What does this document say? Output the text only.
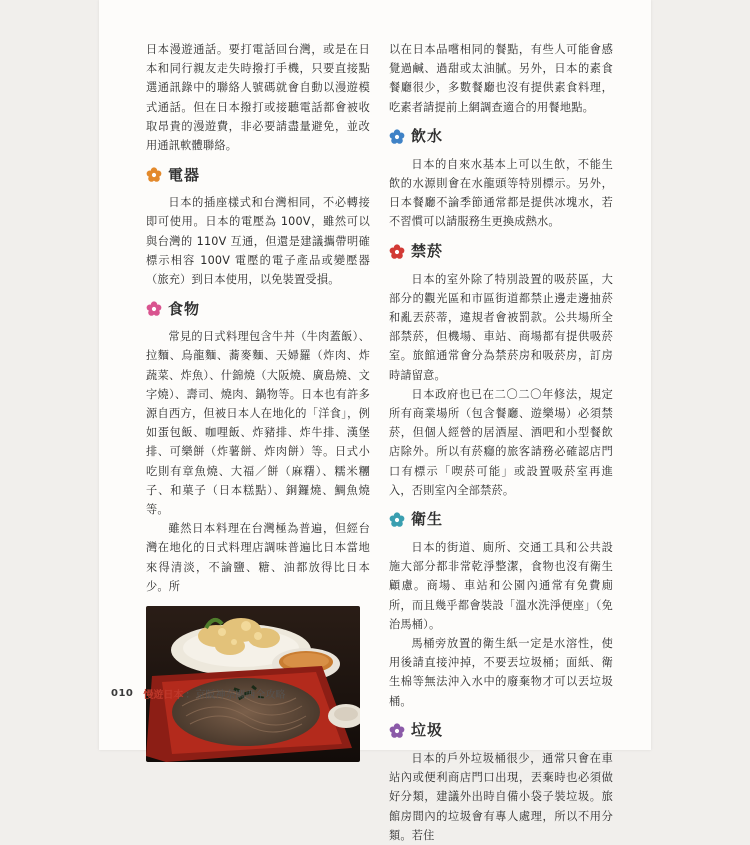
日本漫遊通話。要打電話回台灣，或是在日本和同行親友走失時撥打手機，只要直接點選通訊錄中的聯絡人號碼就會自動以漫遊模式通話。但在日本撥打或接聽電話都會被收取昂貴的漫遊費，非必要請盡量避免，並改用通訊軟體聯絡。

電器

日本的插座樣式和台灣相同，不必轉接即可使用。日本的電壓為 100V，雖然可以與台灣的 110V 互通，但還是建議攜帶明確標示相容 100V 電壓的電子產品或變壓器（旅充）到日本使用，以免裝置受損。

食物

常見的日式料理包含牛丼（牛肉蓋飯）、拉麵、烏龍麵、蕎麥麵、天婦羅（炸肉、炸蔬菜、炸魚）、什錦燒（大阪燒、廣島燒、文字燒）、壽司、燒肉、鍋物等。日本也有許多源自西方，但被日本人在地化的「洋食」，例如蛋包飯、咖哩飯、炸豬排、炸牛排、漢堡排、可樂餅（炸薯餅、炸肉餅）等。日式小吃則有章魚燒、大福／餅（麻糬）、糯米糰子、和菓子（日本糕點）、銅鑼燒、鯛魚燒等。

雖然日本料理在台灣極為普遍，但經台灣在地化的日式料理店調味普遍比日本當地來得清淡，不論鹽、糖、油都放得比日本少。所

以在日本品嚐相同的餐點，有些人可能會感覺過鹹、過甜或太油膩。另外，日本的素食餐廳很少，多數餐廳也沒有提供素食料理，吃素者請提前上網調查適合的用餐地點。

飲水

日本的自來水基本上可以生飲，不能生飲的水源則會在水龍頭等特別標示。另外，日本餐廳不論季節通常都是提供冰塊水，若不習慣可以請服務生更換成熱水。

禁菸

日本的室外除了特別設置的吸菸區，大部分的觀光區和市區街道都禁止邊走邊抽菸和亂丟菸蒂，違規者會被罰款。公共場所全部禁菸，但機場、車站、商場都有提供吸菸室。旅館通常會分為禁菸房和吸菸房，訂房時請留意。

日本政府也已在二〇二〇年修法，規定所有商業場所（包含餐廳、遊樂場）必須禁菸，但個人經營的居酒屋、酒吧和小型餐飲店除外。所以有菸癮的旅客請務必確認店門口有標示「喫菸可能」或設置吸菸室再進入，否則室內全部禁菸。

衛生

日本的街道、廁所、交通工具和公共設施大部分都非常乾淨整潔，食物也沒有衛生顧慮。商場、車站和公園內通常有免費廁所，而且幾乎都會裝設「溫水洗淨便座」（免治馬桶）。

馬桶旁放置的衛生紙一定是水溶性，使用後請直接沖掉，不要丟垃圾桶；面紙、衛生棉等無法沖入水中的廢棄物才可以丟垃圾桶。

垃圾

日本的戶外垃圾桶很少，通常只會在車站內或便利商店門口出現，丟棄時也必須做好分類，建議外出時自備小袋子裝垃圾。旅館房間內的垃圾會有專人處理，所以不用分類。若住

010 慢遊日本 ：京阪神奈關西全攻略
